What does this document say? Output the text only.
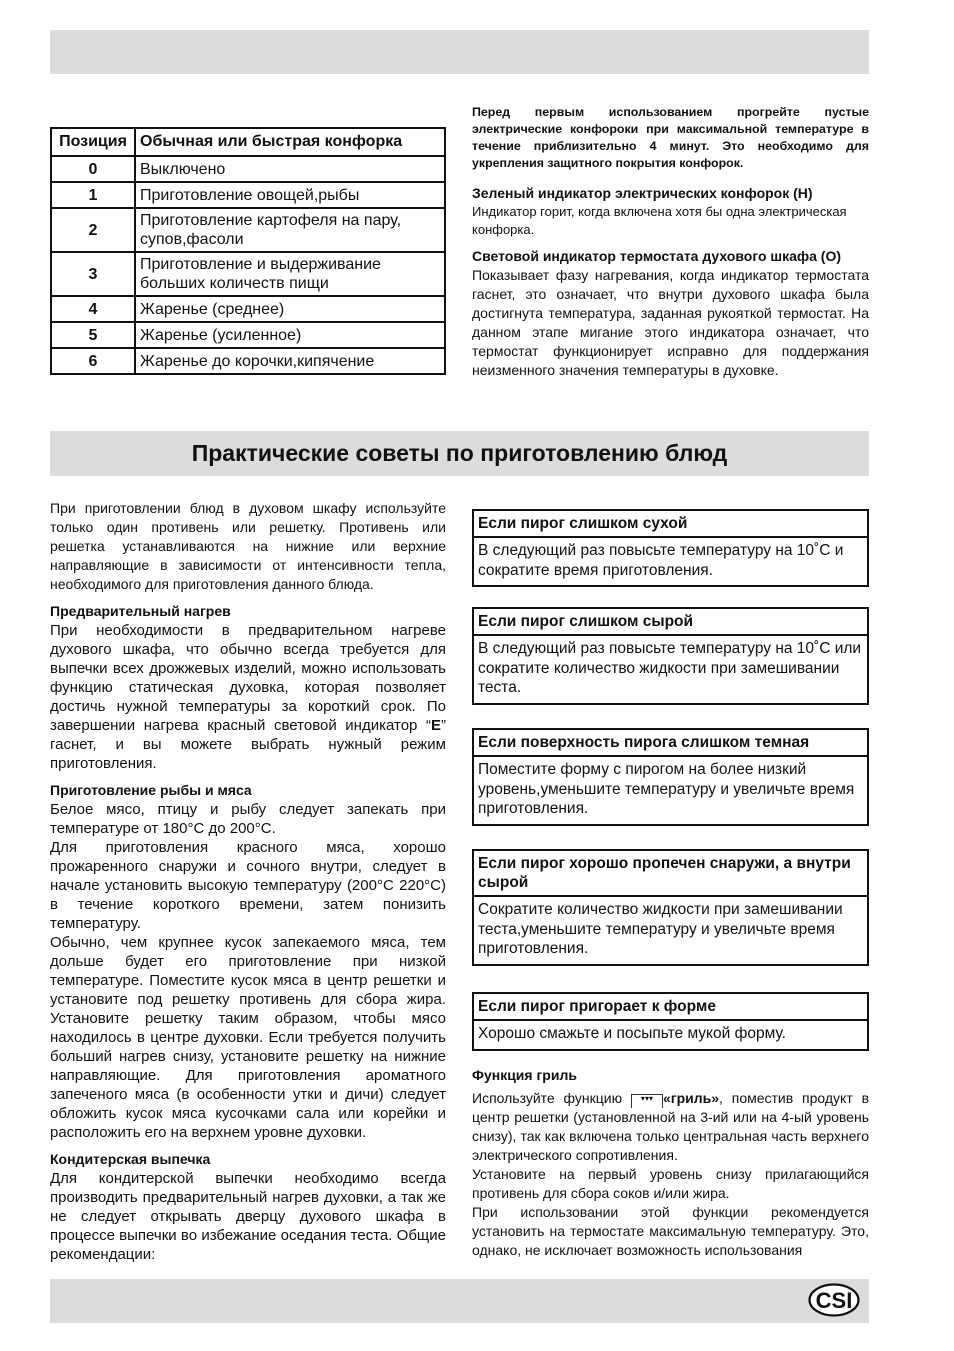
Позиция	Обычная или быстрая конфорка
0	Выключено
1	Приготовление овощей,рыбы
2	Приготовление картофеля на пару, супов,фасоли
3	Приготовление и выдерживание больших количеств пищи
4	Жаренье (среднее)
5	Жаренье (усиленное)
6	Жаренье до корочки,кипячение

Перед первым использованием прогрейте пустые электрические конфороки при максимальной температуре в течение приблизительно 4 минут. Это необходимо для укрепления защитного покрытия конфорок.

Зеленый индикатор электрических конфорок (H)

Индикатор горит, когда включена хотя бы одна электрическая конфорка.

Световой индикатор термостата духового шкафа (O)

Показывает фазу нагревания, когда индикатор термостата гаснет, это означает, что внутри духового шкафа была достигнута температура, заданная рукояткой термостат. На данном этапе мигание этого индикатора означает, что термостат функционирует исправно для поддержания неизменного значения температуры в духовке.

Практические советы по приготовлению блюд

При приготовлении блюд в духовом шкафу используйте только один противень или решетку. Противень или решетка устанавливаются на нижние или верхние направляющие в зависимости от интенсивности тепла, необходимого для приготовления данного блюда.

Предварительный нагрев

При необходимости в предварительном нагреве духового шкафа, что обычно всегда требуется для выпечки всех дрожжевых изделий, можно использовать функцию статическая духовка, которая позволяет достичь нужной температуры за короткий срок. По завершении нагрева красный световой индикатор “E” гаснет, и вы можете выбрать нужный режим приготовления.

Приготовление рыбы и мяса

Белое мясо, птицу и рыбу следует запекать при температуре от 180°C до 200°C.

Для приготовления красного мяса, хорошо прожаренного снаружи и сочного внутри, следует в начале установить высокую температуру (200°C 220°C) в течение короткого времени, затем понизить температуру.

Обычно, чем крупнее кусок запекаемого мяса, тем дольше будет его приготовление при низкой температуре. Поместите кусок мяса в центр решетки и установите под решетку противень для сбора жира. Установите решетку таким образом, чтобы мясо находилось в центре духовки. Если требуется получить больший нагрев снизу, установите решетку на нижние направляющие. Для приготовления ароматного запеченого мяса (в особенности утки и дичи) следует обложить кусок мяса кусочками сала или корейки и расположить его на верхнем уровне духовки.

Кондитерская выпечка

Для кондитерской выпечки необходимо всегда производить предварительный нагрев духовки, а так же не следует открывать дверцу духового шкафа в процессе выпечки во избежание оседания теста. Общие рекомендации:

Если пирог слишком сухой
В следующий раз повысьте температуру на 10˚С и сократите время приготовления.
Если пирог слишком сырой
В следующий раз повысьте температуру на 10˚С или сократите количество жидкости при замешивании теста.
Если поверхность пирога слишком темная
Поместите форму с пирогом на более низкий уровень,уменьшите температуру и увеличьте время приготовления.
Если пирог хорошо пропечен снаружи, а внутри сырой
Сократите количество жидкости при замешивании теста,уменьшите температуру и увеличьте время приготовления.
Если пирог пригорает к форме
Хорошо смажьте и посыпьте мукой форму.

Функция гриль

Используйте функцию ▾▾▾ «гриль», поместив продукт в центр решетки (установленной на 3-ий или на 4-ый уровень снизу), так как включена только центральная часть верхнего электрического сопротивления.

Установите на первый уровень снизу прилагающийся противень для сбора соков и/или жира.

При использовании этой функции рекомендуется установить на термостате максимальную температуру. Это, однако, не исключает возможность использования

CSI
